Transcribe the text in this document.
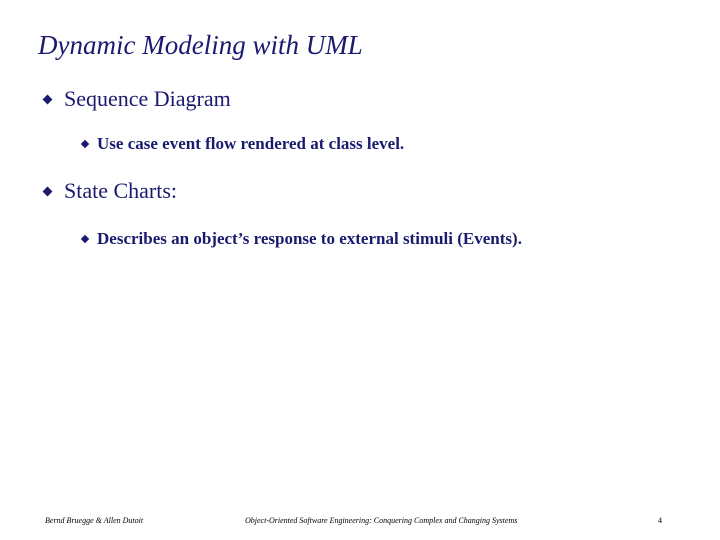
Dynamic Modeling with UML
Sequence Diagram
Use case event flow rendered at class level.
State Charts:
Describes an object’s response to external stimuli (Events).
Bernd Bruegge & Allen Dutoit	Object-Oriented Software Engineering: Conquering Complex and Changing Systems	4
